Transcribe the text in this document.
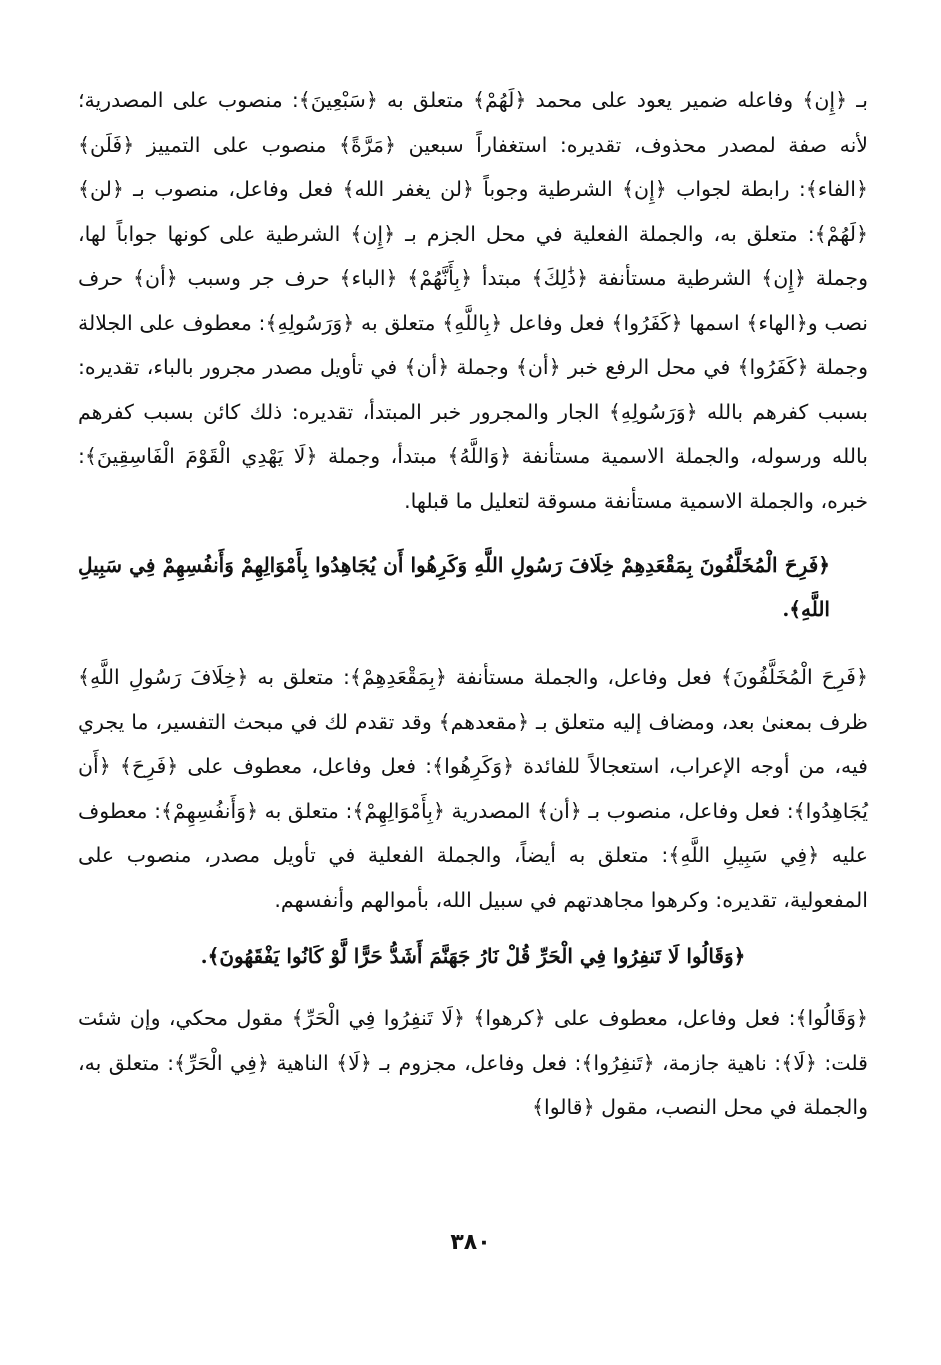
بـ ﴿إِن﴾ وفاعله ضمير يعود على محمد ﴿لَهُمْ﴾ متعلق به ﴿سَبْعِينَ﴾: منصوب على المصدرية؛ لأنه صفة لمصدر محذوف، تقديره: استغفاراً سبعين ﴿مَرَّةً﴾ منصوب على التمييز ﴿فَلَن﴾ ﴿الفاء﴾: رابطة لجواب ﴿إِن﴾ الشرطية وجوباً ﴿لن يغفر الله﴾ فعل وفاعل، منصوب بـ ﴿لن﴾ ﴿لَهُمْ﴾: متعلق به، والجملة الفعلية في محل الجزم بـ ﴿إِن﴾ الشرطية على كونها جواباً لها، وجملة ﴿إِن﴾ الشرطية مستأنفة ﴿ذَٰلِكَ﴾ مبتدأ ﴿بِأَنَّهُمْ﴾ ﴿الباء﴾ حرف جر وسبب ﴿أن﴾ حرف نصب و﴿الهاء﴾ اسمها ﴿كَفَرُوا﴾ فعل وفاعل ﴿بِاللَّهِ﴾ متعلق به ﴿وَرَسُولِهِ﴾: معطوف على الجلالة وجملة ﴿كَفَرُوا﴾ في محل الرفع خبر ﴿أن﴾ وجملة ﴿أن﴾ في تأويل مصدر مجرور بالباء، تقديره: بسبب كفرهم بالله ﴿وَرَسُولِهِ﴾ الجار والمجرور خبر المبتدأ، تقديره: ذلك كائن بسبب كفرهم بالله ورسوله، والجملة الاسمية مستأنفة ﴿وَاللَّهُ﴾ مبتدأ، وجملة ﴿لَا يَهْدِي الْقَوْمَ الْفَاسِقِينَ﴾: خبره، والجملة الاسمية مستأنفة مسوقة لتعليل ما قبلها.

﴿فَرِحَ الْمُخَلَّفُونَ بِمَقْعَدِهِمْ خِلَافَ رَسُولِ اللَّهِ وَكَرِهُوا أَن يُجَاهِدُوا بِأَمْوَالِهِمْ وَأَنفُسِهِمْ فِي سَبِيلِ اللَّهِ﴾.

﴿فَرِحَ الْمُخَلَّفُونَ﴾ فعل وفاعل، والجملة مستأنفة ﴿بِمَقْعَدِهِمْ﴾: متعلق به ﴿خِلَافَ رَسُولِ اللَّهِ﴾ ظرف بمعنىٰ بعد، ومضاف إليه متعلق بـ ﴿مقعدهم﴾ وقد تقدم لك في مبحث التفسير، ما يجري فيه، من أوجه الإعراب، استعجالاً للفائدة ﴿وَكَرِهُوا﴾: فعل وفاعل، معطوف على ﴿فَرِحَ﴾ ﴿أَن يُجَاهِدُوا﴾: فعل وفاعل، منصوب بـ ﴿أن﴾ المصدرية ﴿بِأَمْوَالِهِمْ﴾: متعلق به ﴿وَأَنفُسِهِمْ﴾: معطوف عليه ﴿فِي سَبِيلِ اللَّهِ﴾: متعلق به أيضاً، والجملة الفعلية في تأويل مصدر، منصوب على المفعولية، تقديره: وكرهوا مجاهدتهم في سبيل الله، بأموالهم وأنفسهم.

﴿وَقَالُوا لَا تَنفِرُوا فِي الْحَرِّ قُلْ نَارُ جَهَنَّمَ أَشَدُّ حَرًّا لَّوْ كَانُوا يَفْقَهُونَ﴾.

﴿وَقَالُوا﴾: فعل وفاعل، معطوف على ﴿كرهوا﴾ ﴿لَا تَنفِرُوا فِي الْحَرِّ﴾ مقول محكي، وإن شئت قلت: ﴿لَا﴾: ناهية جازمة، ﴿تَنفِرُوا﴾: فعل وفاعل، مجزوم بـ ﴿لَا﴾ الناهية ﴿فِي الْحَرِّ﴾: متعلق به، والجملة في محل النصب، مقول ﴿قالوا﴾

٣٨٠
